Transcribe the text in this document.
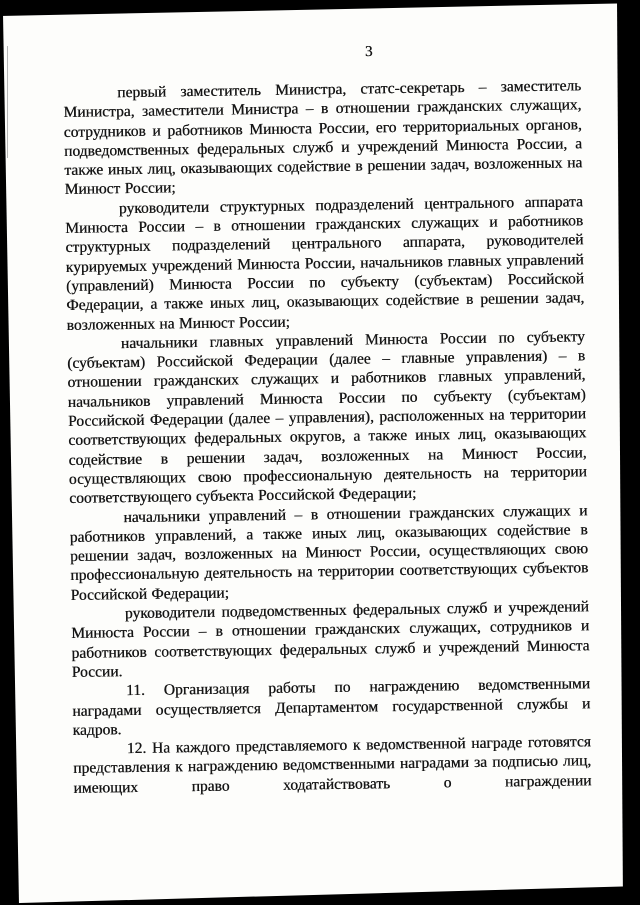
3

первый заместитель Министра, статс-секретарь – заместитель Министра, заместители Министра – в отношении гражданских служащих, сотрудников и работников Минюста России, его территориальных органов, подведомственных федеральных служб и учреждений Минюста России, а также иных лиц, оказывающих содействие в решении задач, возложенных на Минюст России;

руководители структурных подразделений центрального аппарата Минюста России – в отношении гражданских служащих и работников структурных подразделений центрального аппарата, руководителей курируемых учреждений Минюста России, начальников главных управлений (управлений) Минюста России по субъекту (субъектам) Российской Федерации, а также иных лиц, оказывающих содействие в решении задач, возложенных на Минюст России;

начальники главных управлений Минюста России по субъекту (субъектам) Российской Федерации (далее – главные управления) – в отношении гражданских служащих и работников главных управлений, начальников управлений Минюста России по субъекту (субъектам) Российской Федерации (далее – управления), расположенных на территории соответствующих федеральных округов, а также иных лиц, оказывающих содействие в решении задач, возложенных на Минюст России, осуществляющих свою профессиональную деятельность на территории соответствующего субъекта Российской Федерации;

начальники управлений – в отношении гражданских служащих и работников управлений, а также иных лиц, оказывающих содействие в решении задач, возложенных на Минюст России, осуществляющих свою профессиональную деятельность на территории соответствующих субъектов Российской Федерации;

руководители подведомственных федеральных служб и учреждений Минюста России – в отношении гражданских служащих, сотрудников и работников соответствующих федеральных служб и учреждений Минюста России.

11. Организация работы по награждению ведомственными наградами осуществляется Департаментом государственной службы и кадров.

12. На каждого представляемого к ведомственной награде готовятся представления к награждению ведомственными наградами за подписью лиц, имеющих право ходатайствовать о награждении
